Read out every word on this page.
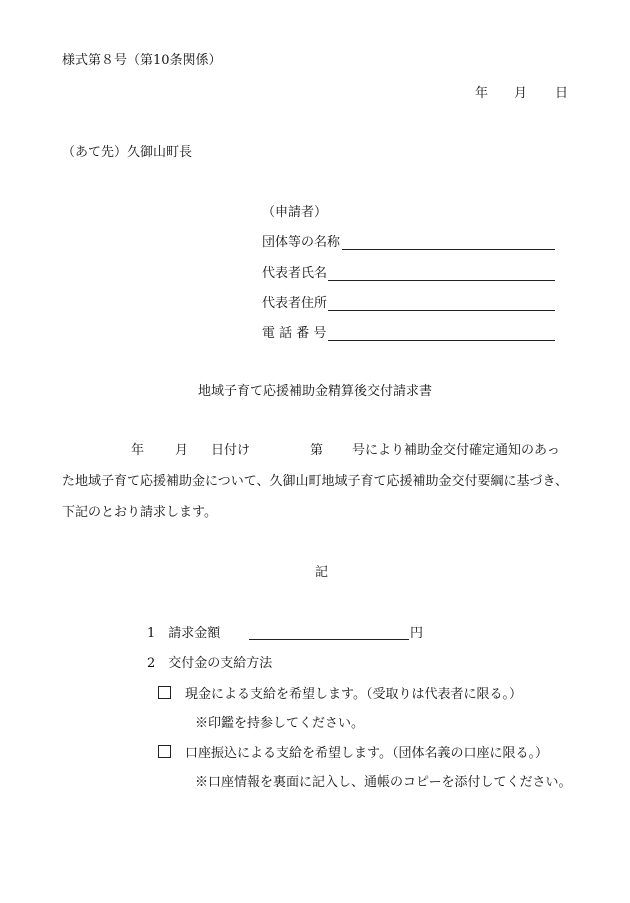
様式第８号（第10条関係）
年 月 日
（あて先）久御山町長
（申請者）
団体等の名称
代表者氏名
代表者住所
電 話 番 号
地域子育て応援補助金精算後交付請求書
年 月 日付け	第 号により補助金交付確定通知のあっ
た地域子育て応援補助金について、久御山町地域子育て応援補助金交付要綱に基づき、
下記のとおり請求します。
記
1　請求金額	円
2　交付金の支給方法
現金による支給を希望します。（受取りは代表者に限る。）
※印鑑を持参してください。
口座振込による支給を希望します。（団体名義の口座に限る。）
※口座情報を裏面に記入し、通帳のコピーを添付してください。
